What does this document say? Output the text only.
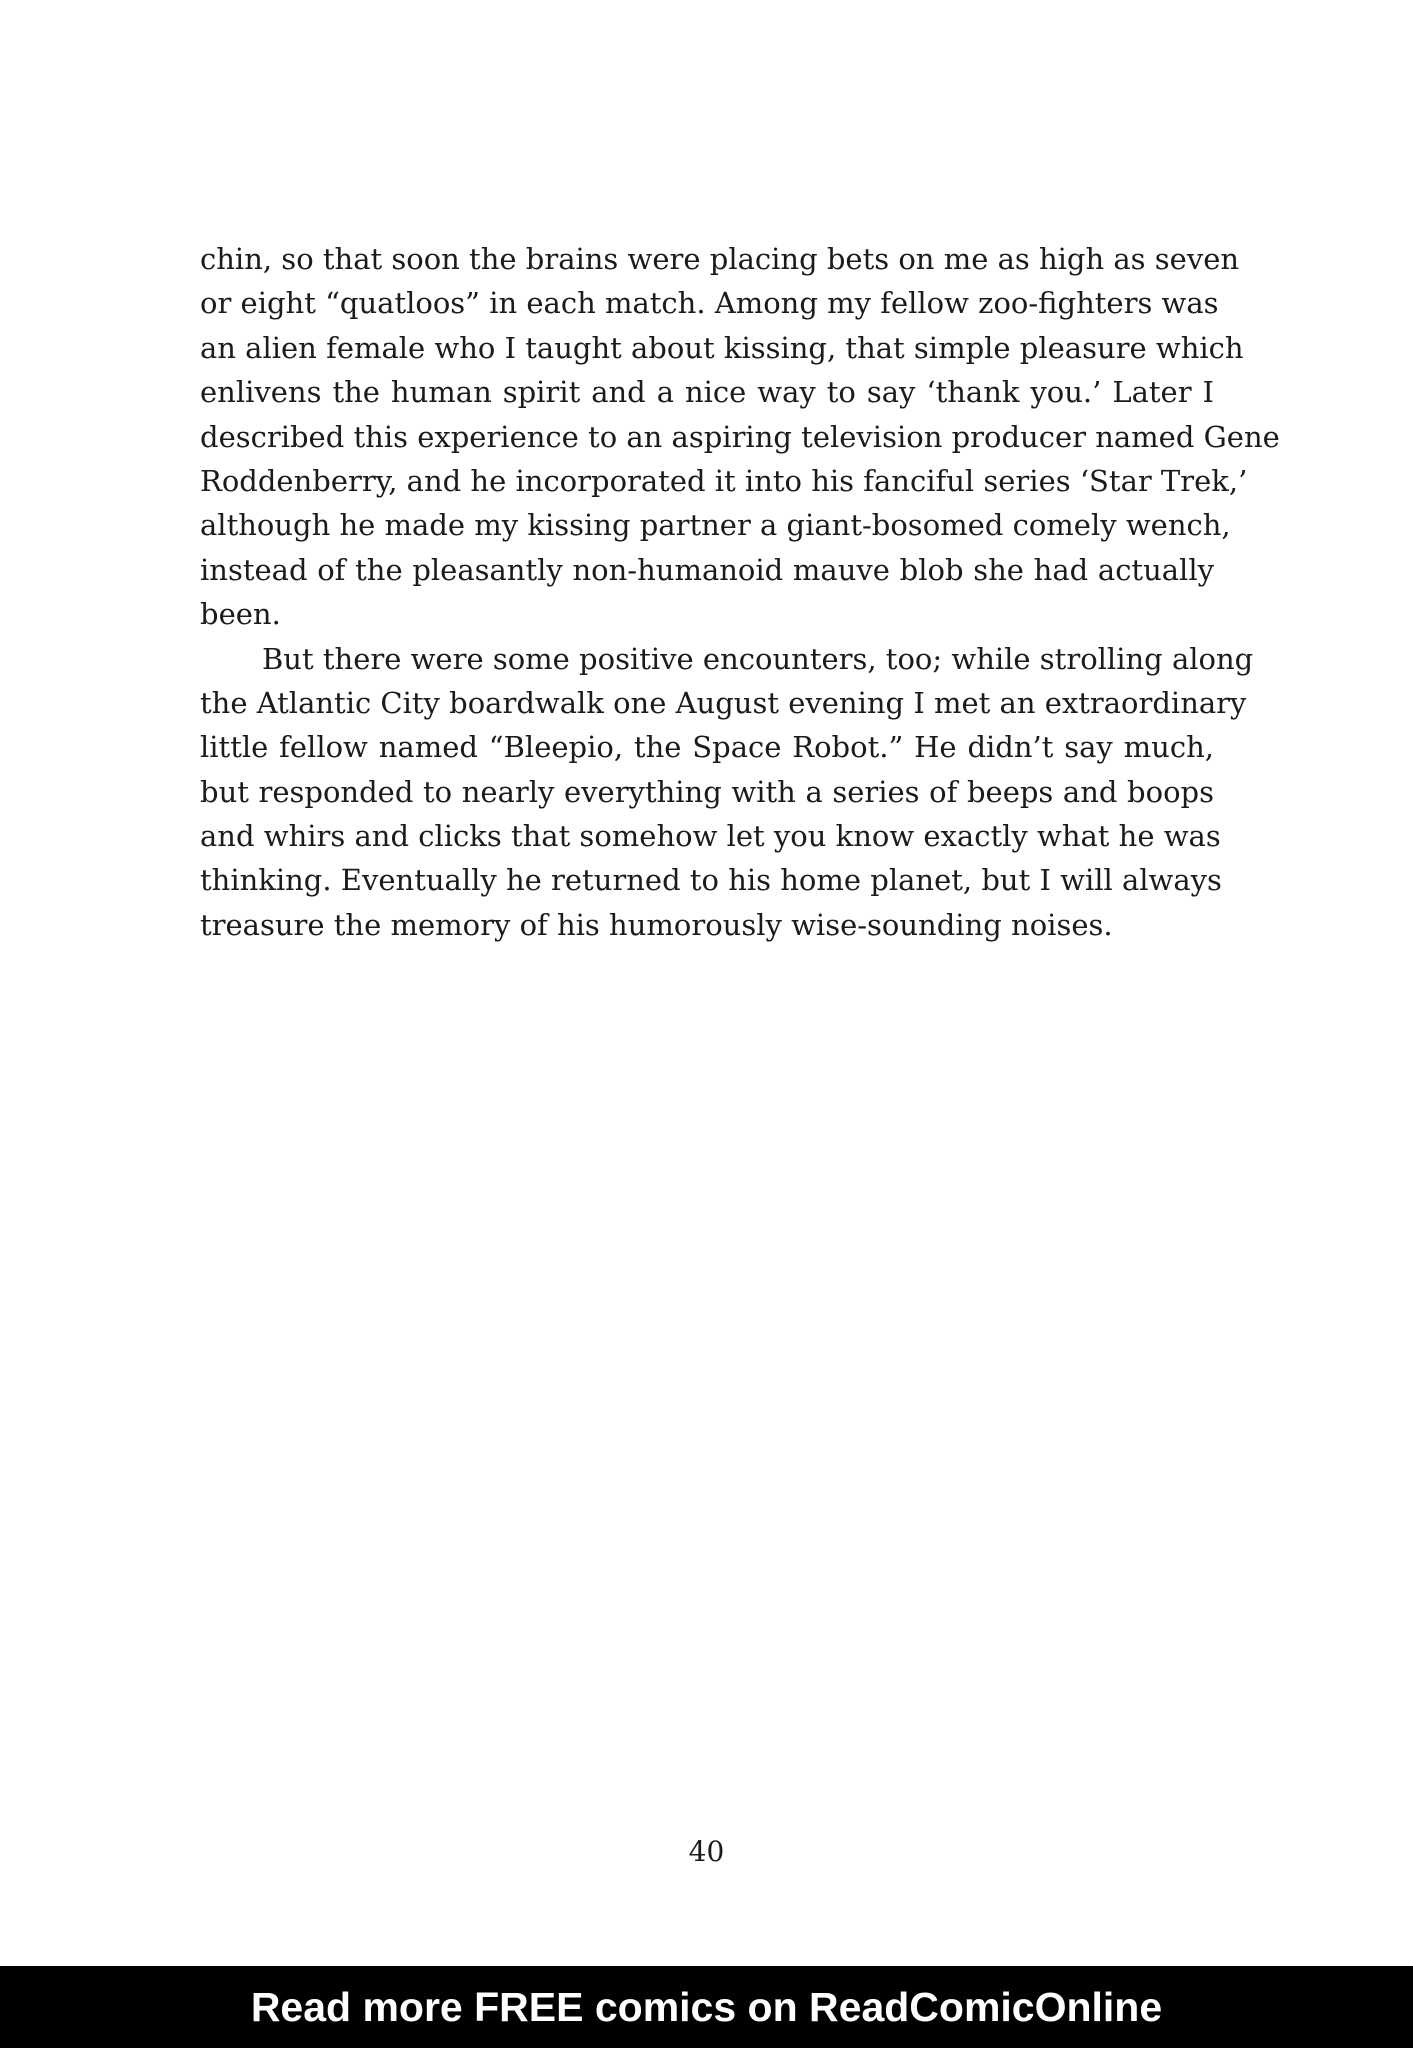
chin, so that soon the brains were placing bets on me as high as seven
or eight “quatloos” in each match. Among my fellow zoo-fighters was
an alien female who I taught about kissing, that simple pleasure which
enlivens the human spirit and a nice way to say ‘thank you.’ Later I
described this experience to an aspiring television producer named Gene
Roddenberry, and he incorporated it into his fanciful series ‘Star Trek,’
although he made my kissing partner a giant-bosomed comely wench,
instead of the pleasantly non-humanoid mauve blob she had actually
been.
But there were some positive encounters, too; while strolling along
the Atlantic City boardwalk one August evening I met an extraordinary
little fellow named “Bleepio, the Space Robot.” He didn’t say much,
but responded to nearly everything with a series of beeps and boops
and whirs and clicks that somehow let you know exactly what he was
thinking. Eventually he returned to his home planet, but I will always
treasure the memory of his humorously wise-sounding noises.
40
Read more FREE comics on ReadComicOnline
